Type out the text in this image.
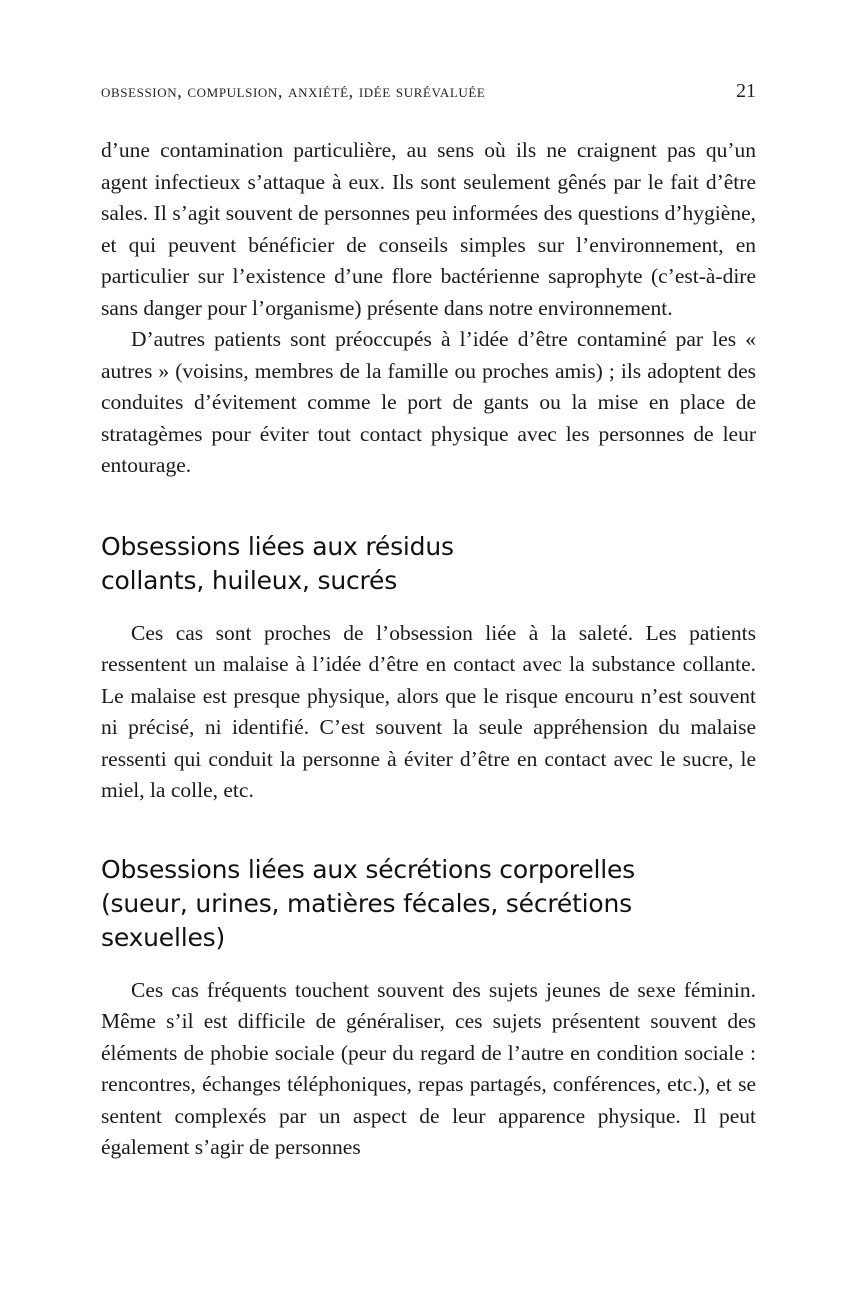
obsession, compulsion, anxiété, idée surévaluée	21

d’une contamination particulière, au sens où ils ne craignent pas qu’un agent infectieux s’attaque à eux. Ils sont seulement gênés par le fait d’être sales. Il s’agit souvent de personnes peu informées des questions d’hygiène, et qui peuvent bénéficier de conseils simples sur l’environnement, en particulier sur l’existence d’une flore bactérienne saprophyte (c’est-à-dire sans danger pour l’organisme) présente dans notre environnement.

D’autres patients sont préoccupés à l’idée d’être contaminé par les « autres » (voisins, membres de la famille ou proches amis) ; ils adoptent des conduites d’évitement comme le port de gants ou la mise en place de stratagèmes pour éviter tout contact physique avec les personnes de leur entourage.

Obsessions liées aux résidus collants, huileux, sucrés

Ces cas sont proches de l’obsession liée à la saleté. Les patients ressentent un malaise à l’idée d’être en contact avec la substance collante. Le malaise est presque physique, alors que le risque encouru n’est souvent ni précisé, ni identifié. C’est souvent la seule appréhension du malaise ressenti qui conduit la personne à éviter d’être en contact avec le sucre, le miel, la colle, etc.

Obsessions liées aux sécrétions corporelles (sueur, urines, matières fécales, sécrétions sexuelles)

Ces cas fréquents touchent souvent des sujets jeunes de sexe féminin. Même s’il est difficile de généraliser, ces sujets présentent souvent des éléments de phobie sociale (peur du regard de l’autre en condition sociale : rencontres, échanges téléphoniques, repas partagés, conférences, etc.), et se sentent complexés par un aspect de leur apparence physique. Il peut également s’agir de personnes
